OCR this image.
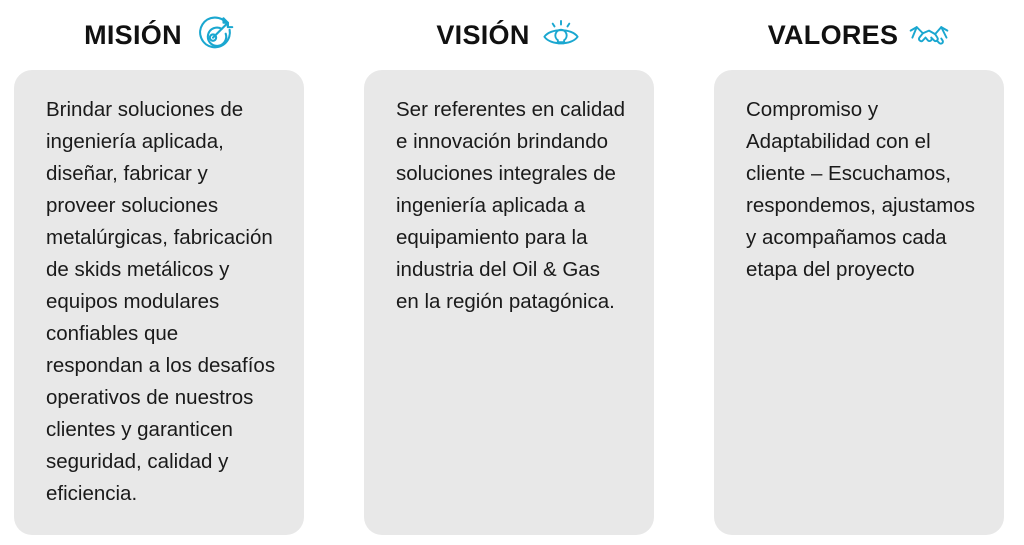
MISIÓN
Brindar soluciones de ingeniería aplicada, diseñar, fabricar y proveer soluciones metalúrgicas, fabricación de skids metálicos y equipos modulares confiables que respondan a los desafíos operativos de nuestros clientes y garanticen seguridad, calidad y eficiencia.
VISIÓN
Ser referentes en calidad e innovación brindando soluciones integrales de ingeniería aplicada a equipamiento para la industria del Oil & Gas en la región patagónica.
VALORES
Compromiso y Adaptabilidad con el cliente – Escuchamos, respondemos, ajustamos y acompañamos cada etapa del proyecto
